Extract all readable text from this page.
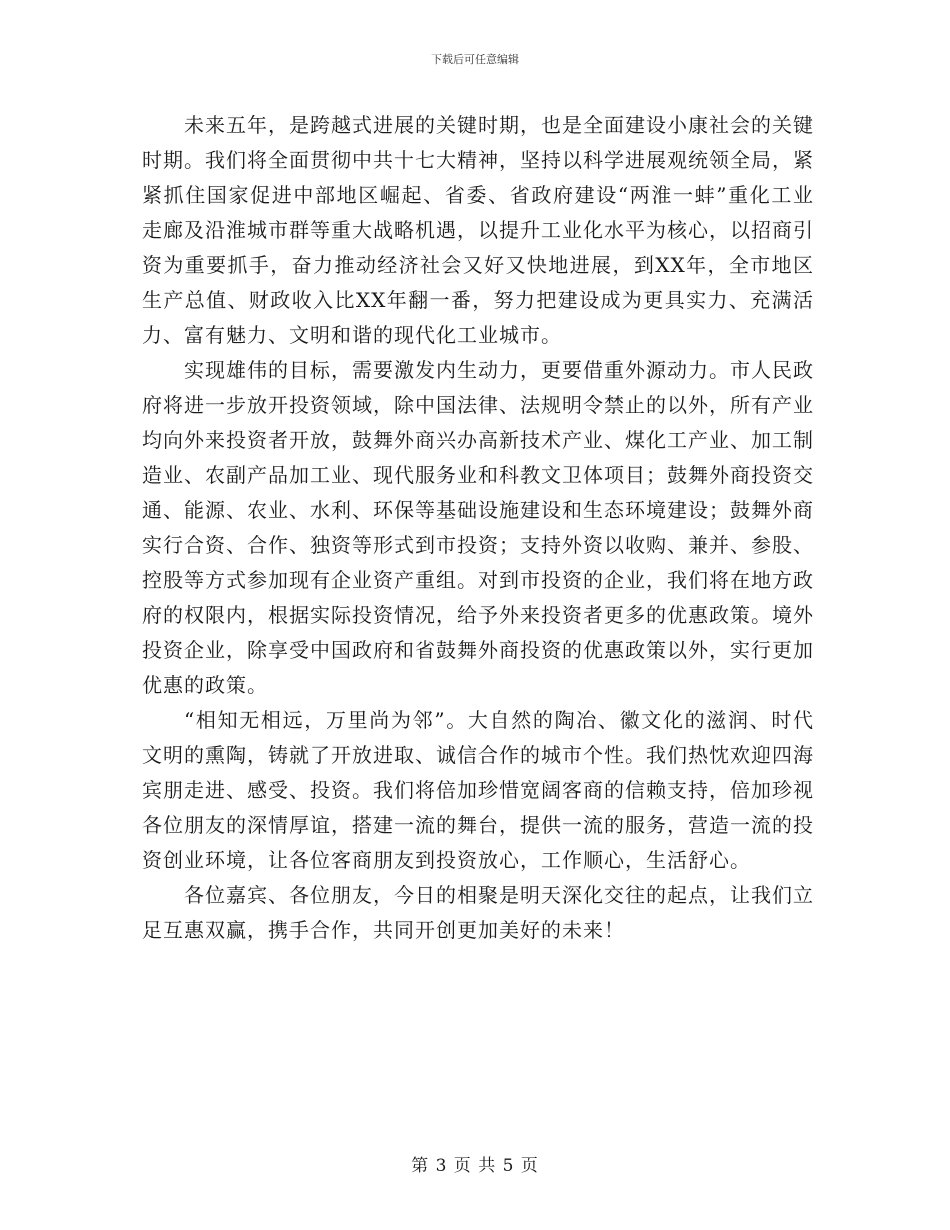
下载后可任意编辑

未来五年，是跨越式进展的关键时期，也是全面建设小康社会的关键时期。我们将全面贯彻中共十七大精神，坚持以科学进展观统领全局，紧紧抓住国家促进中部地区崛起、省委、省政府建设“两淮一蚌”重化工业走廊及沿淮城市群等重大战略机遇，以提升工业化水平为核心，以招商引资为重要抓手，奋力推动经济社会又好又快地进展，到XX年，全市地区生产总值、财政收入比XX年翻一番，努力把建设成为更具实力、充满活力、富有魅力、文明和谐的现代化工业城市。

实现雄伟的目标，需要激发内生动力，更要借重外源动力。市人民政府将进一步放开投资领域，除中国法律、法规明令禁止的以外，所有产业均向外来投资者开放，鼓舞外商兴办高新技术产业、煤化工产业、加工制造业、农副产品加工业、现代服务业和科教文卫体项目；鼓舞外商投资交通、能源、农业、水利、环保等基础设施建设和生态环境建设；鼓舞外商实行合资、合作、独资等形式到市投资；支持外资以收购、兼并、参股、控股等方式参加现有企业资产重组。对到市投资的企业，我们将在地方政府的权限内，根据实际投资情况，给予外来投资者更多的优惠政策。境外投资企业，除享受中国政府和省鼓舞外商投资的优惠政策以外，实行更加优惠的政策。

“相知无相远，万里尚为邻”。大自然的陶冶、徽文化的滋润、时代文明的熏陶，铸就了开放进取、诚信合作的城市个性。我们热忱欢迎四海宾朋走进、感受、投资。我们将倍加珍惜宽阔客商的信赖支持，倍加珍视各位朋友的深情厚谊，搭建一流的舞台，提供一流的服务，营造一流的投资创业环境，让各位客商朋友到投资放心，工作顺心，生活舒心。

各位嘉宾、各位朋友，今日的相聚是明天深化交往的起点，让我们立足互惠双赢，携手合作，共同开创更加美好的未来！

第 3 页 共 5 页
